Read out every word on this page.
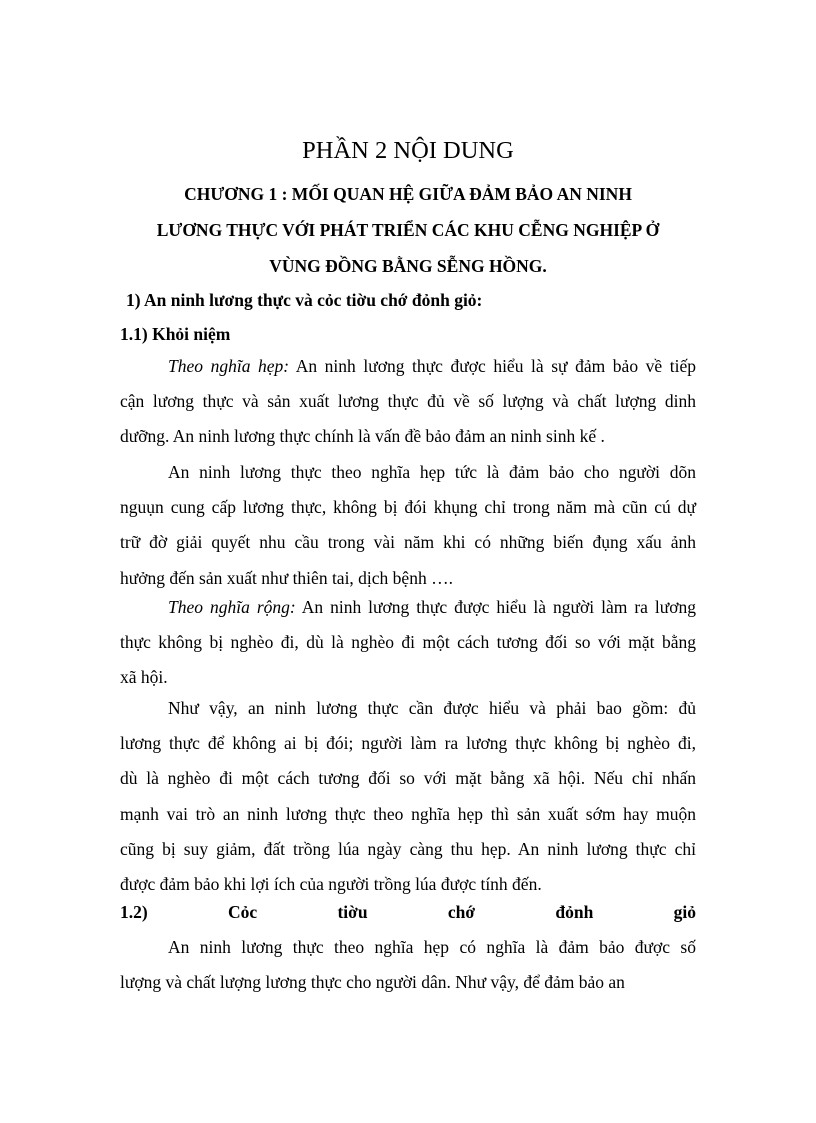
PHẦN 2 NỘI DUNG
CHƯƠNG 1 : MỐI QUAN HỆ GIỮA ĐẢM BẢO AN NINH
LƯƠNG THỰC VỚI PHÁT TRIỂN CÁC KHU CỄNG NGHIỆP Ở
VÙNG ĐỒNG BẰNG SỄNG HỒNG.
1) An ninh lương thực và cỏc tiờu chớ đỏnh giỏ:
1.1) Khỏi niệm
Theo nghĩa hẹp: An ninh lương thực được hiểu là sự đảm bảo về tiếp
cận lương thực và sản xuất lương thực đủ về số lượng và chất lượng dinh
dưỡng. An ninh lương thực chính là vấn đề bảo đảm an ninh sinh kế .
An ninh lương thực theo nghĩa hẹp tức là đảm bảo cho người dõn
nguụn cung cấp lương thực, không bị đói khụng chỉ trong năm mà cũn cú dự
trữ đờ giải quyết nhu cầu trong vài năm khi có những biến đụng xấu ảnh
hưởng đến sản xuất như thiên tai, dịch bệnh ….
Theo nghĩa rộng: An ninh lương thực được hiểu là người làm ra lương
thực không bị nghèo đi, dù là nghèo đi một cách tương đối so với mặt bằng
xã hội.
Như vậy, an ninh lương thực cần được hiểu và phải bao gồm: đủ
lương thực để không ai bị đói; người làm ra lương thực không bị nghèo đi,
dù là nghèo đi một cách tương đối so với mặt bằng xã hội. Nếu chỉ nhấn
mạnh vai trò an ninh lương thực theo nghĩa hẹp thì sản xuất sớm hay muộn
cũng bị suy giảm, đất trồng lúa ngày càng thu hẹp. An ninh lương thực chỉ
được đảm bảo khi lợi ích của người trồng lúa được tính đến.
1.2)	Cỏc	tiờu	chớ	đỏnh	giỏ
An ninh lương thực theo nghĩa hẹp có nghĩa là đảm bảo được số
lượng và chất lượng lương thực cho người dân. Như vậy, để đảm bảo an
